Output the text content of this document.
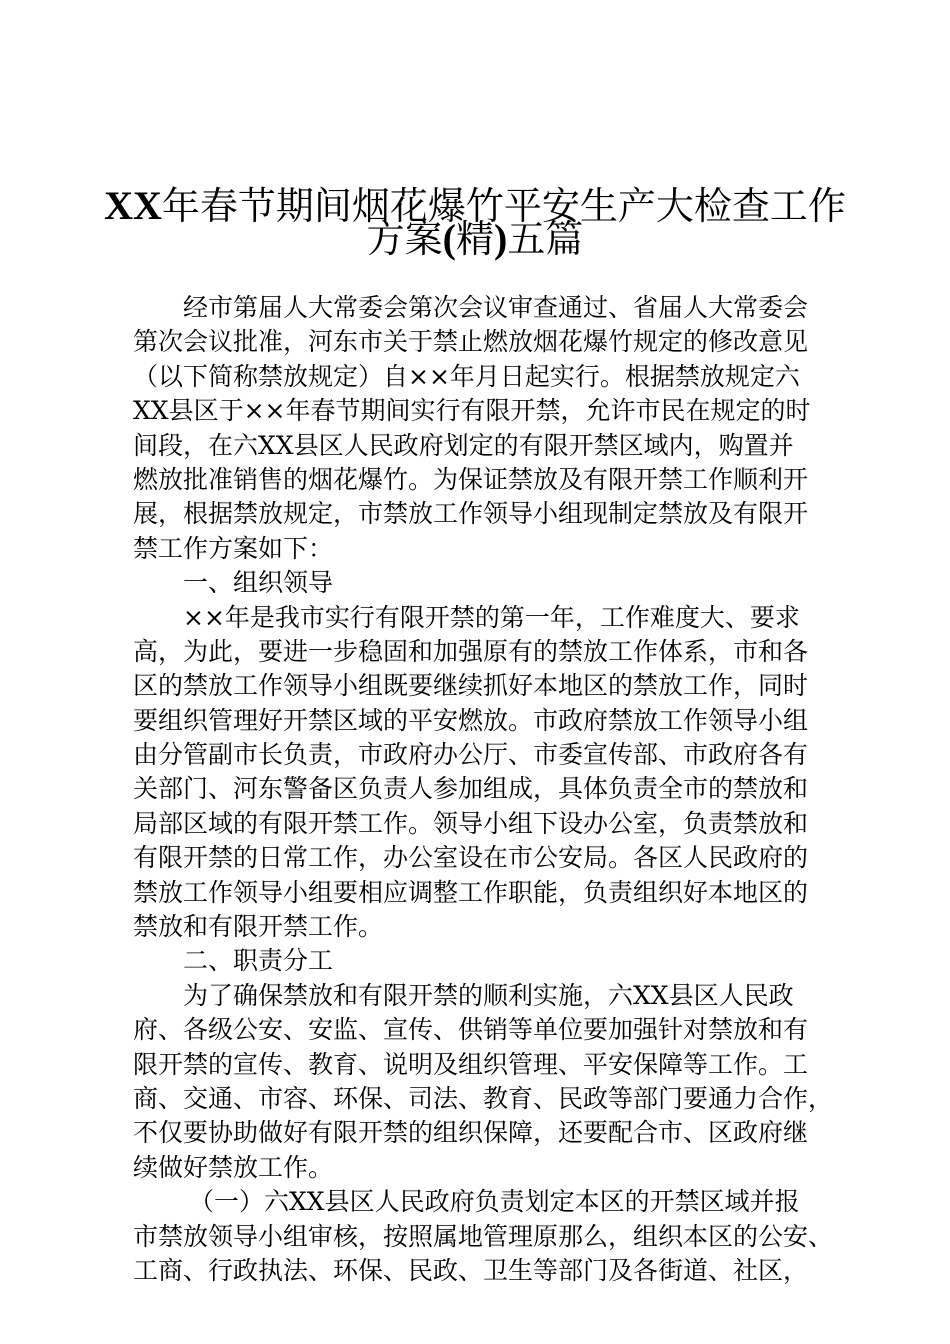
XX年春节期间烟花爆竹平安生产大检查工作
方案(精)五篇
经市第届人大常委会第次会议审查通过、省届人大常委会
第次会议批准，河东市关于禁止燃放烟花爆竹规定的修改意见
（以下简称禁放规定）自××年月日起实行。根据禁放规定六
XX县区于××年春节期间实行有限开禁，允许市民在规定的时
间段，在六XX县区人民政府划定的有限开禁区域内，购置并
燃放批准销售的烟花爆竹。为保证禁放及有限开禁工作顺利开
展，根据禁放规定，市禁放工作领导小组现制定禁放及有限开
禁工作方案如下：
一、组织领导
××年是我市实行有限开禁的第一年，工作难度大、要求
高，为此，要进一步稳固和加强原有的禁放工作体系，市和各
区的禁放工作领导小组既要继续抓好本地区的禁放工作，同时
要组织管理好开禁区域的平安燃放。市政府禁放工作领导小组
由分管副市长负责，市政府办公厅、市委宣传部、市政府各有
关部门、河东警备区负责人参加组成，具体负责全市的禁放和
局部区域的有限开禁工作。领导小组下设办公室，负责禁放和
有限开禁的日常工作，办公室设在市公安局。各区人民政府的
禁放工作领导小组要相应调整工作职能，负责组织好本地区的
禁放和有限开禁工作。
二、职责分工
为了确保禁放和有限开禁的顺利实施，六XX县区人民政
府、各级公安、安监、宣传、供销等单位要加强针对禁放和有
限开禁的宣传、教育、说明及组织管理、平安保障等工作。工
商、交通、市容、环保、司法、教育、民政等部门要通力合作，
不仅要协助做好有限开禁的组织保障，还要配合市、区政府继
续做好禁放工作。
（一）六XX县区人民政府负责划定本区的开禁区域并报
市禁放领导小组审核，按照属地管理原那么，组织本区的公安、
工商、行政执法、环保、民政、卫生等部门及各街道、社区，
